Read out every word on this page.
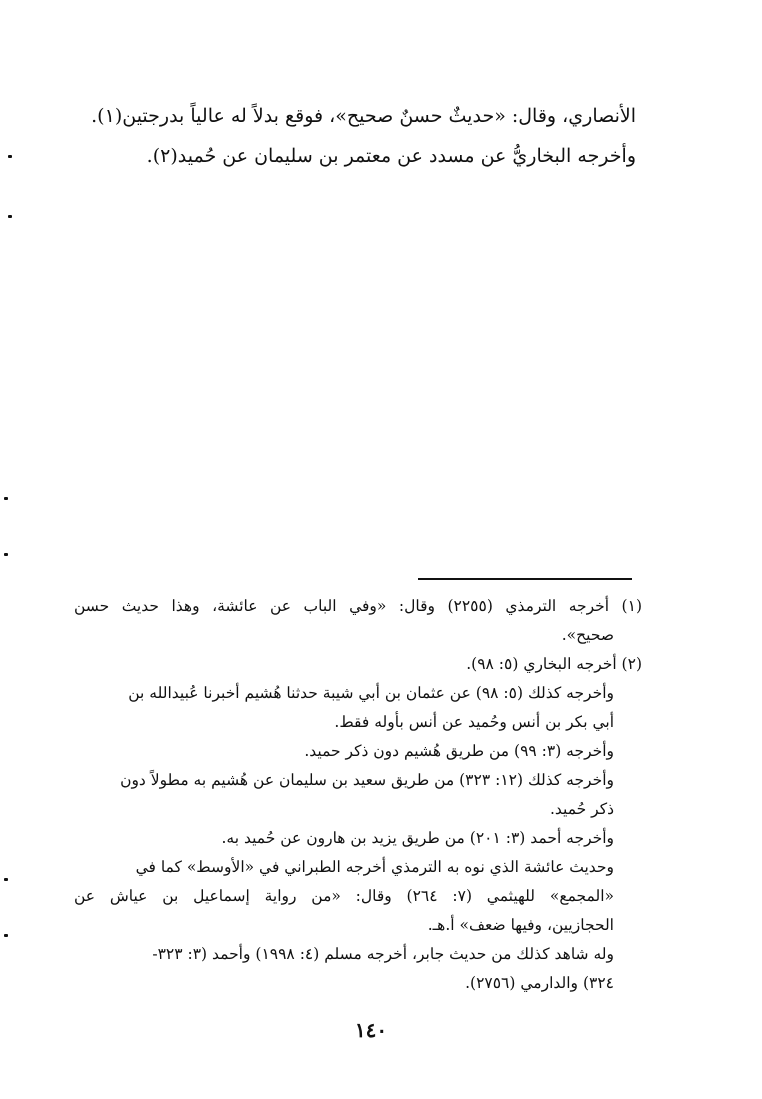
الأنصاري، وقال: «حديثٌ حسنٌ صحيح»، فوقع بدلاً له عالياً بدرجتين(١).

وأخرجه البخاريُّ عن مسدد عن معتمر بن سليمان عن حُميد(٢).

(١) أخرجه الترمذي (٢٢٥٥) وقال: «وفي الباب عن عائشة، وهذا حديث حسن
صحيح».
(٢) أخرجه البخاري (٥: ٩٨).
وأخرجه كذلك (٥: ٩٨) عن عثمان بن أبي شيبة حدثنا هُشيم أخبرنا عُبيدالله بن
أبي بكر بن أنس وحُميد عن أنس بأوله فقط.
وأخرجه (٣: ٩٩) من طريق هُشيم دون ذكر حميد.
وأخرجه كذلك (١٢: ٣٢٣) من طريق سعيد بن سليمان عن هُشيم به مطولاً دون
ذكر حُميد.
وأخرجه أحمد (٣: ٢٠١) من طريق يزيد بن هارون عن حُميد به.
وحديث عائشة الذي نوه به الترمذي أخرجه الطبراني في «الأوسط» كما في
«المجمع» للهيثمي (٧: ٢٦٤) وقال: «من رواية إسماعيل بن عياش عن
الحجازيين، وفيها ضعف» أ.هـ.
وله شاهد كذلك من حديث جابر، أخرجه مسلم (٤: ١٩٩٨) وأحمد (٣: ٣٢٣-
٣٢٤) والدارمي (٢٧٥٦).
١٤٠
